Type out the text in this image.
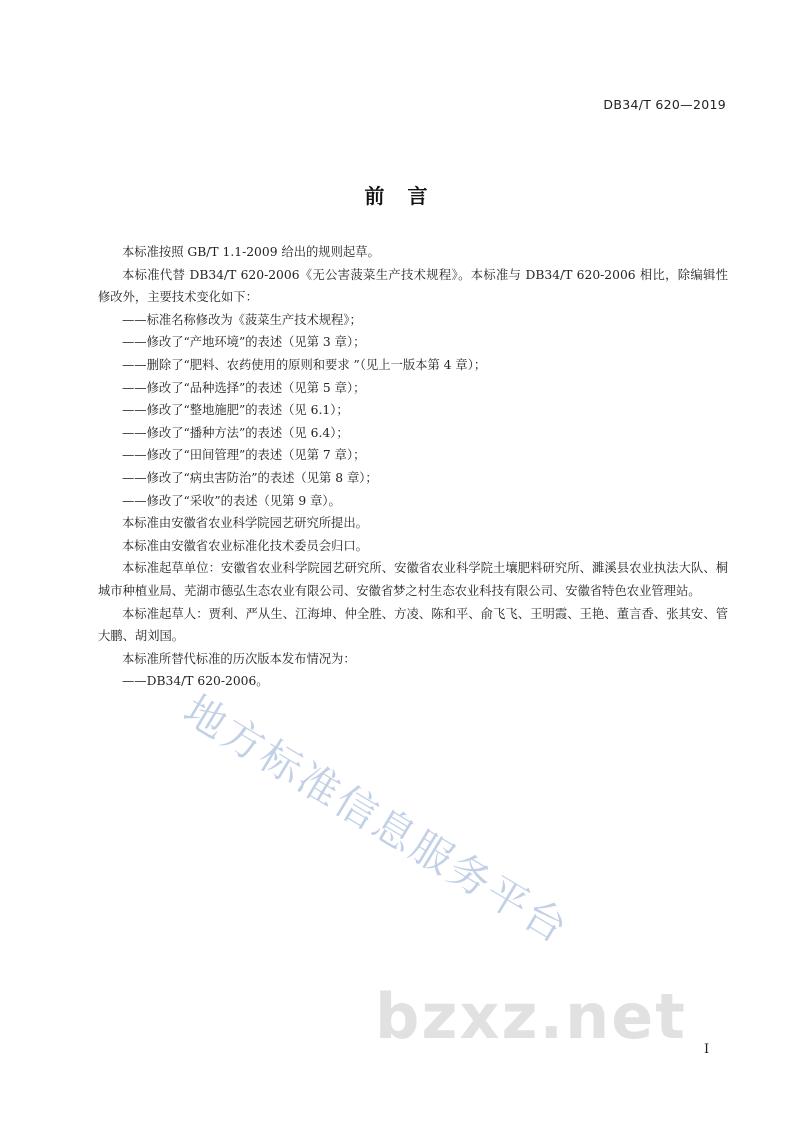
DB34/T 620—2019
前 言

本标准按照 GB/T 1.1-2009 给出的规则起草。

本标准代替 DB34/T 620-2006《无公害菠菜生产技术规程》。本标准与 DB34/T 620-2006 相比，除编辑性修改外，主要技术变化如下：

——标准名称修改为《菠菜生产技术规程》；

——修改了“产地环境”的表述（见第 3 章）；

——删除了“肥料、农药使用的原则和要求 ”（见上一版本第 4 章）；

——修改了“品种选择”的表述（见第 5 章）；

——修改了“整地施肥”的表述（见 6.1）；

——修改了“播种方法”的表述（见 6.4）；

——修改了“田间管理”的表述（见第 7 章）；

——修改了“病虫害防治”的表述（见第 8 章）；

——修改了“采收”的表述（见第 9 章）。

本标准由安徽省农业科学院园艺研究所提出。

本标准由安徽省农业标准化技术委员会归口。

本标准起草单位：安徽省农业科学院园艺研究所、安徽省农业科学院土壤肥料研究所、濉溪县农业执法大队、桐城市种植业局、芜湖市德弘生态农业有限公司、安徽省梦之村生态农业科技有限公司、安徽省特色农业管理站。

本标准起草人：贾利、严从生、江海坤、仲全胜、方凌、陈和平、俞飞飞、王明霞、王艳、董言香、张其安、管大鹏、胡刘国。

本标准所替代标准的历次版本发布情况为：

——DB34/T 620-2006。

地方标准信息服务平台
bzxz.net I
